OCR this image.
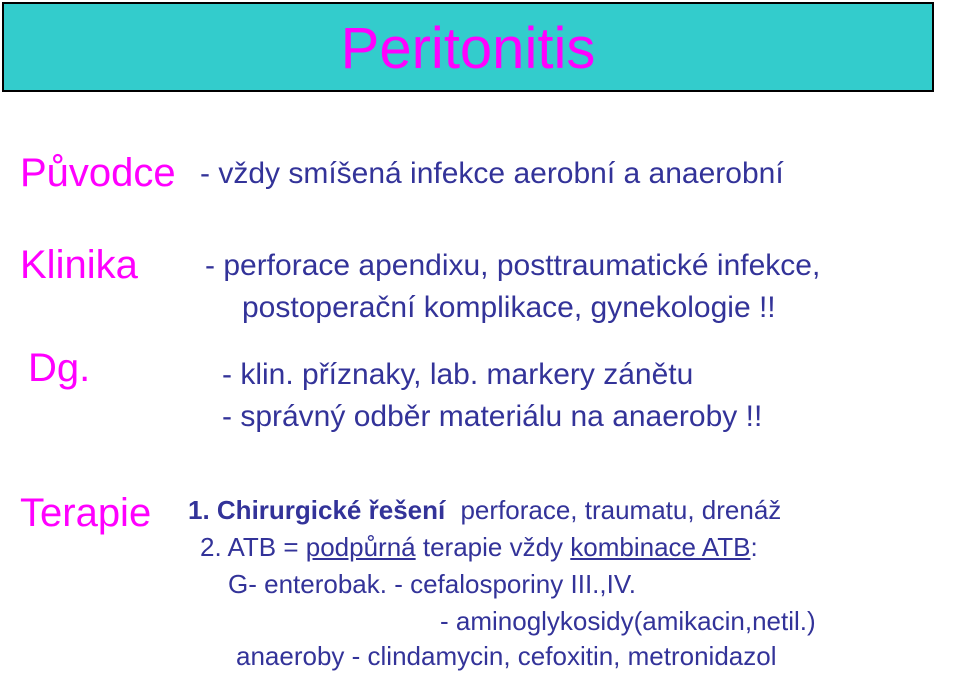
Peritonitis
Původce - vždy smíšená infekce aerobní a anaerobní
Klinika - perforace apendixu, posttraumatické infekce,
postoperační komplikace, gynekologie !!
Dg.	- klin. příznaky, lab. markery zánětu
- správný odběr materiálu na anaeroby !!
Terapie 1. Chirurgické řešení perforace, traumatu, drenáž
2. ATB = podpůrná terapie vždy kombinace ATB:
G- enterobak. - cefalosporiny III.,IV.
- aminoglykosidy(amikacin,netil.)
anaeroby - clindamycin, cefoxitin, metronidazol
